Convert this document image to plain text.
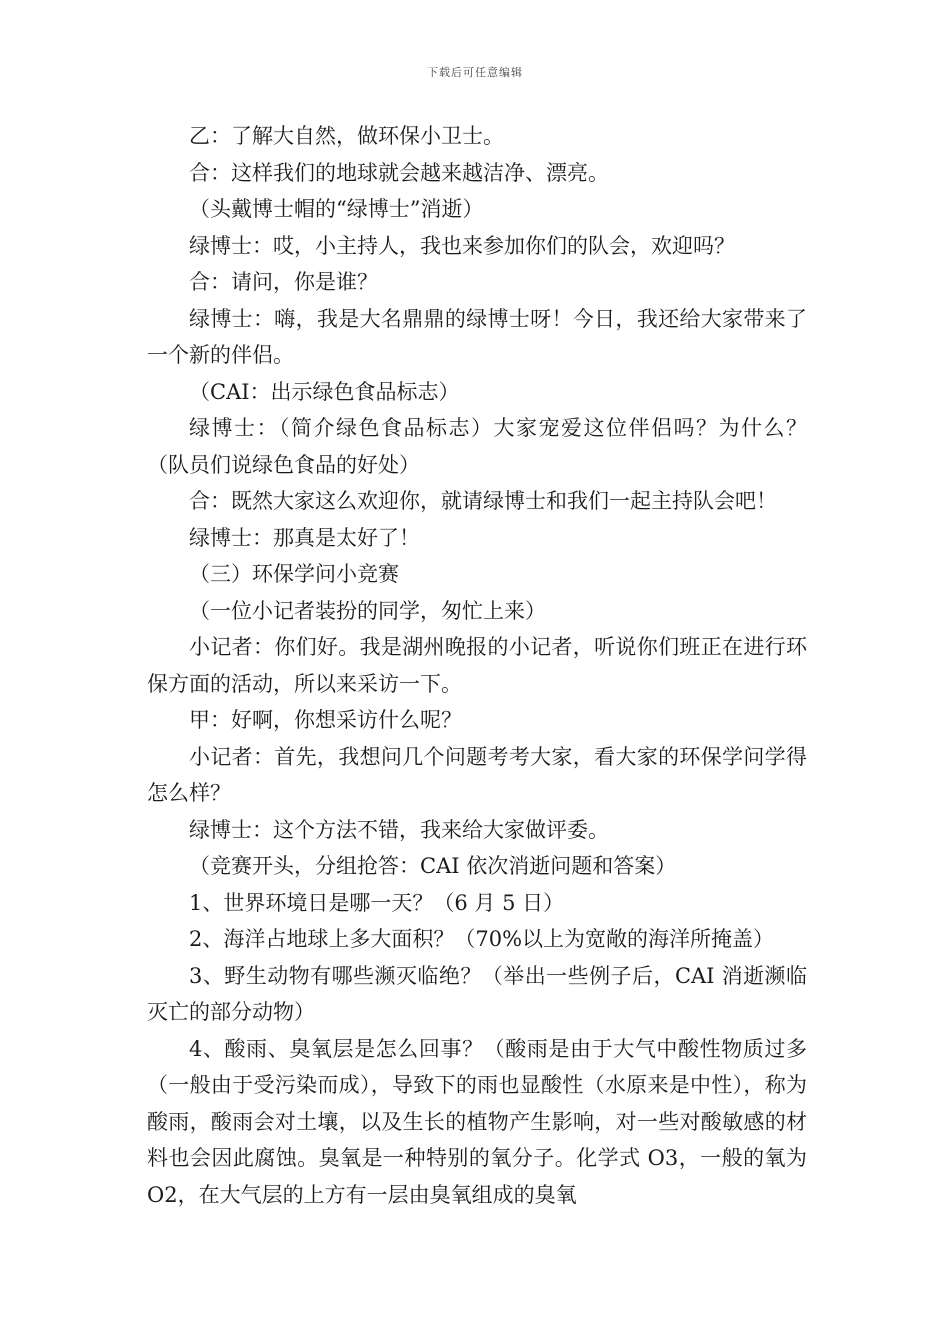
下载后可任意编辑

乙：了解大自然，做环保小卫士。

合：这样我们的地球就会越来越洁净、漂亮。

（头戴博士帽的“绿博士”消逝）

绿博士：哎，小主持人，我也来参加你们的队会，欢迎吗？

合：请问，你是谁？

绿博士：嗨，我是大名鼎鼎的绿博士呀！今日，我还给大家带来了一个新的伴侣。

（CAI：出示绿色食品标志）

绿博士：（简介绿色食品标志）大家宠爱这位伴侣吗？为什么？（队员们说绿色食品的好处）

合：既然大家这么欢迎你，就请绿博士和我们一起主持队会吧！

绿博士：那真是太好了！

（三）环保学问小竞赛

（一位小记者装扮的同学，匆忙上来）

小记者：你们好。我是湖州晚报的小记者，听说你们班正在进行环保方面的活动，所以来采访一下。

甲：好啊，你想采访什么呢？

小记者：首先，我想问几个问题考考大家，看大家的环保学问学得怎么样？

绿博士：这个方法不错，我来给大家做评委。

（竞赛开头，分组抢答：CAI 依次消逝问题和答案）

1、世界环境日是哪一天？（6 月 5 日）

2、海洋占地球上多大面积？（70%以上为宽敞的海洋所掩盖）

3、野生动物有哪些濒灭临绝？（举出一些例子后，CAI 消逝濒临灭亡的部分动物）

4、酸雨、臭氧层是怎么回事？（酸雨是由于大气中酸性物质过多（一般由于受污染而成），导致下的雨也显酸性（水原来是中性），称为酸雨，酸雨会对土壤，以及生长的植物产生影响，对一些对酸敏感的材料也会因此腐蚀。臭氧是一种特别的氧分子。化学式 O3，一般的氧为 O2，在大气层的上方有一层由臭氧组成的臭氧
